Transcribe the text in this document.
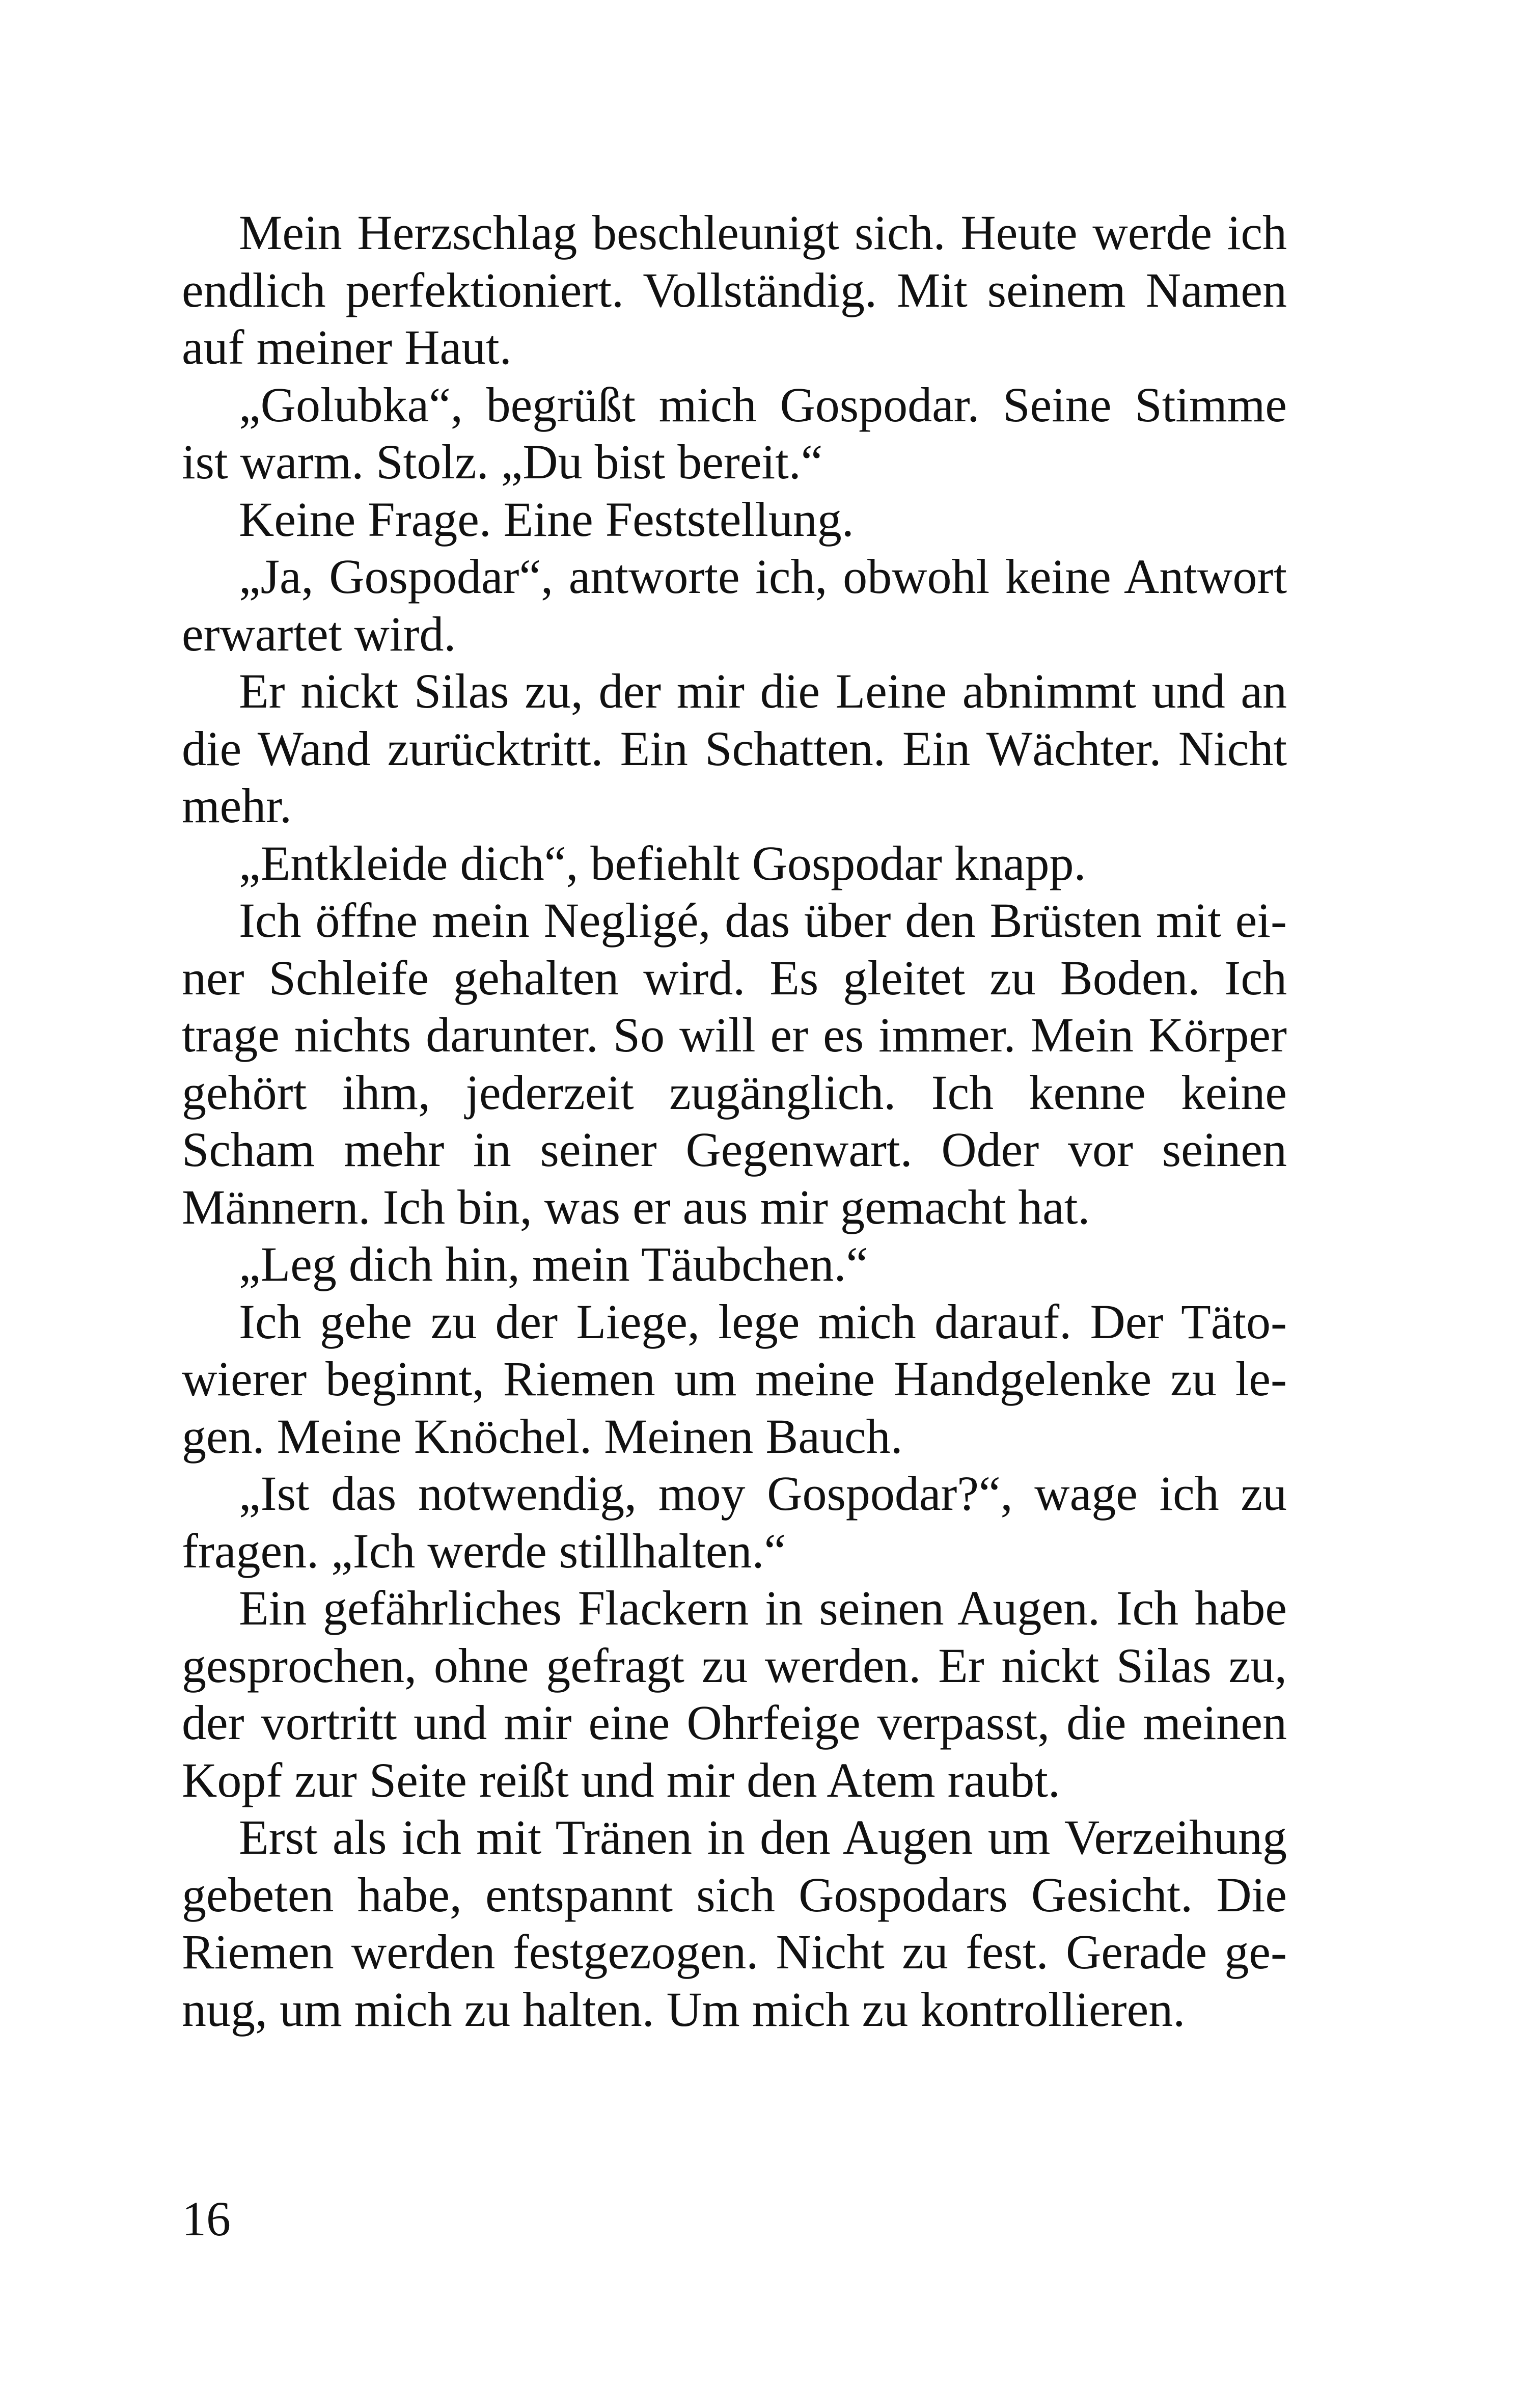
Mein Herzschlag beschleunigt sich. Heute werde ich endlich perfektioniert. Vollständig. Mit seinem Namen auf meiner Haut.

„Golubka“, begrüßt mich Gospodar. Seine Stimme ist warm. Stolz. „Du bist bereit.“

Keine Frage. Eine Feststellung.

„Ja, Gospodar“, antworte ich, obwohl keine Antwort erwartet wird.

Er nickt Silas zu, der mir die Leine abnimmt und an die Wand zurücktritt. Ein Schatten. Ein Wächter. Nicht mehr.

„Entkleide dich“, befiehlt Gospodar knapp.

Ich öffne mein Negligé, das über den Brüsten mit einer Schleife gehalten wird. Es gleitet zu Boden. Ich trage nichts darunter. So will er es immer. Mein Körper gehört ihm, jederzeit zugänglich. Ich kenne keine Scham mehr in seiner Gegenwart. Oder vor seinen Männern. Ich bin, was er aus mir gemacht hat.

„Leg dich hin, mein Täubchen.“

Ich gehe zu der Liege, lege mich darauf. Der Tätowierer beginnt, Riemen um meine Handgelenke zu legen. Meine Knöchel. Meinen Bauch.

„Ist das notwendig, moy Gospodar?“, wage ich zu fragen. „Ich werde stillhalten.“

Ein gefährliches Flackern in seinen Augen. Ich habe gesprochen, ohne gefragt zu werden. Er nickt Silas zu, der vortritt und mir eine Ohrfeige verpasst, die meinen Kopf zur Seite reißt und mir den Atem raubt.

Erst als ich mit Tränen in den Augen um Verzeihung gebeten habe, entspannt sich Gospodars Gesicht. Die Riemen werden festgezogen. Nicht zu fest. Gerade genug, um mich zu halten. Um mich zu kontrollieren.

16
